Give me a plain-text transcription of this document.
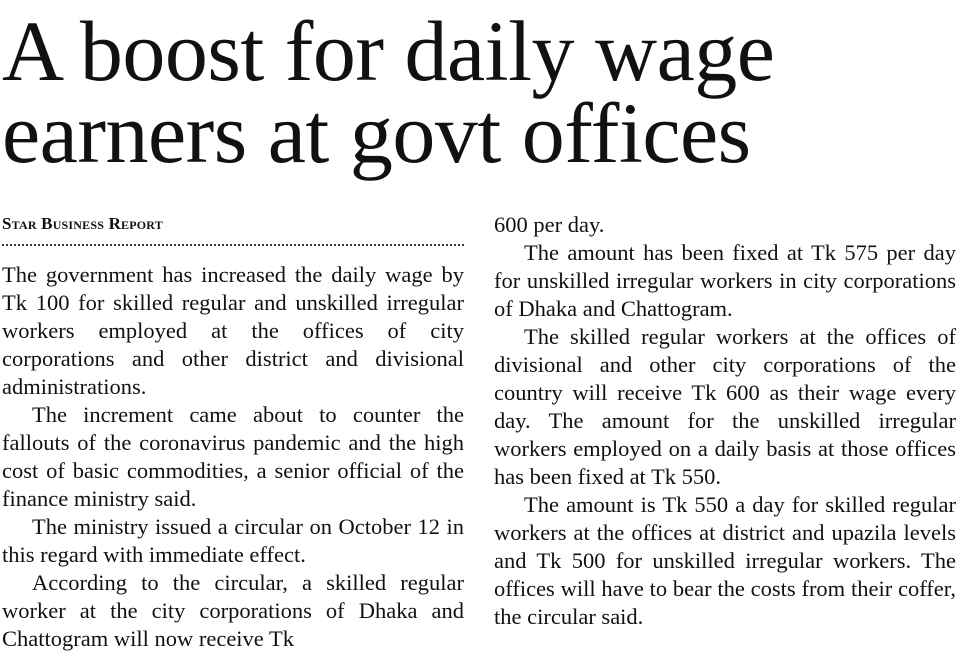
A boost for daily wage
earners at govt offices
Star Business Report

The government has increased the daily wage by Tk 100 for skilled regular and unskilled irregular workers employed at the offices of city corporations and other district and divisional administrations.

The increment came about to counter the fallouts of the coronavirus pandemic and the high cost of basic commodities, a senior official of the finance ministry said.

The ministry issued a circular on October 12 in this regard with immediate effect.

According to the circular, a skilled regular worker at the city corporations of Dhaka and Chattogram will now receive Tk

600 per day.

The amount has been fixed at Tk 575 per day for unskilled irregular workers in city corporations of Dhaka and Chattogram.

The skilled regular workers at the offices of divisional and other city corporations of the country will receive Tk 600 as their wage every day. The amount for the unskilled irregular workers employed on a daily basis at those offices has been fixed at Tk 550.

The amount is Tk 550 a day for skilled regular workers at the offices at district and upazila levels and Tk 500 for unskilled irregular workers. The offices will have to bear the costs from their coffer, the circular said.
